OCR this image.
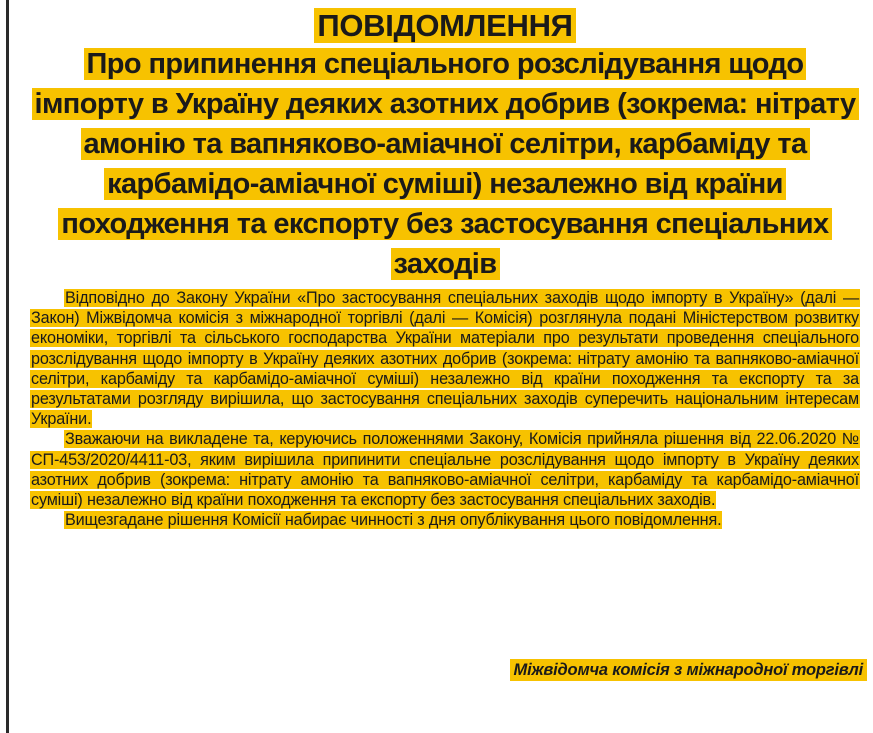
ПОВІДОМЛЕННЯ
Про припинення спеціального розслідування щодо імпорту в Україну деяких азотних добрив (зокрема: нітрату амонію та вапняково-аміачної селітри, карбаміду та карбамідо-аміачної суміші) незалежно від країни походження та експорту без застосування спеціальних заходів

Відповідно до Закону України «Про застосування спеціальних заходів щодо імпорту в Україну» (далі — Закон) Міжвідомча комісія з міжнародної торгівлі (далі — Комісія) розглянула подані Міністерством розвитку економіки, торгівлі та сільського господарства України матеріали про результати проведення спеціального розслідування щодо імпорту в Україну деяких азотних добрив (зокрема: нітрату амонію та вапняково-аміачної селітри, карбаміду та карбамідо-аміачної суміші) незалежно від країни походження та експорту та за результатами розгляду вирішила, що застосування спеціальних заходів суперечить національним інтересам України.

Зважаючи на викладене та, керуючись положеннями Закону, Комісія прийняла рішення від 22.06.2020 № СП-453/2020/4411-03, яким вирішила припинити спеціальне розслідування щодо імпорту в Україну деяких азотних добрив (зокрема: нітрату амонію та вапняково-аміачної селітри, карбаміду та карбамідо-аміачної суміші) незалежно від країни походження та експорту без застосування спеціальних заходів.

Вищезгадане рішення Комісії набирає чинності з дня опублікування цього повідомлення.

Міжвідомча комісія з міжнародної торгівлі
